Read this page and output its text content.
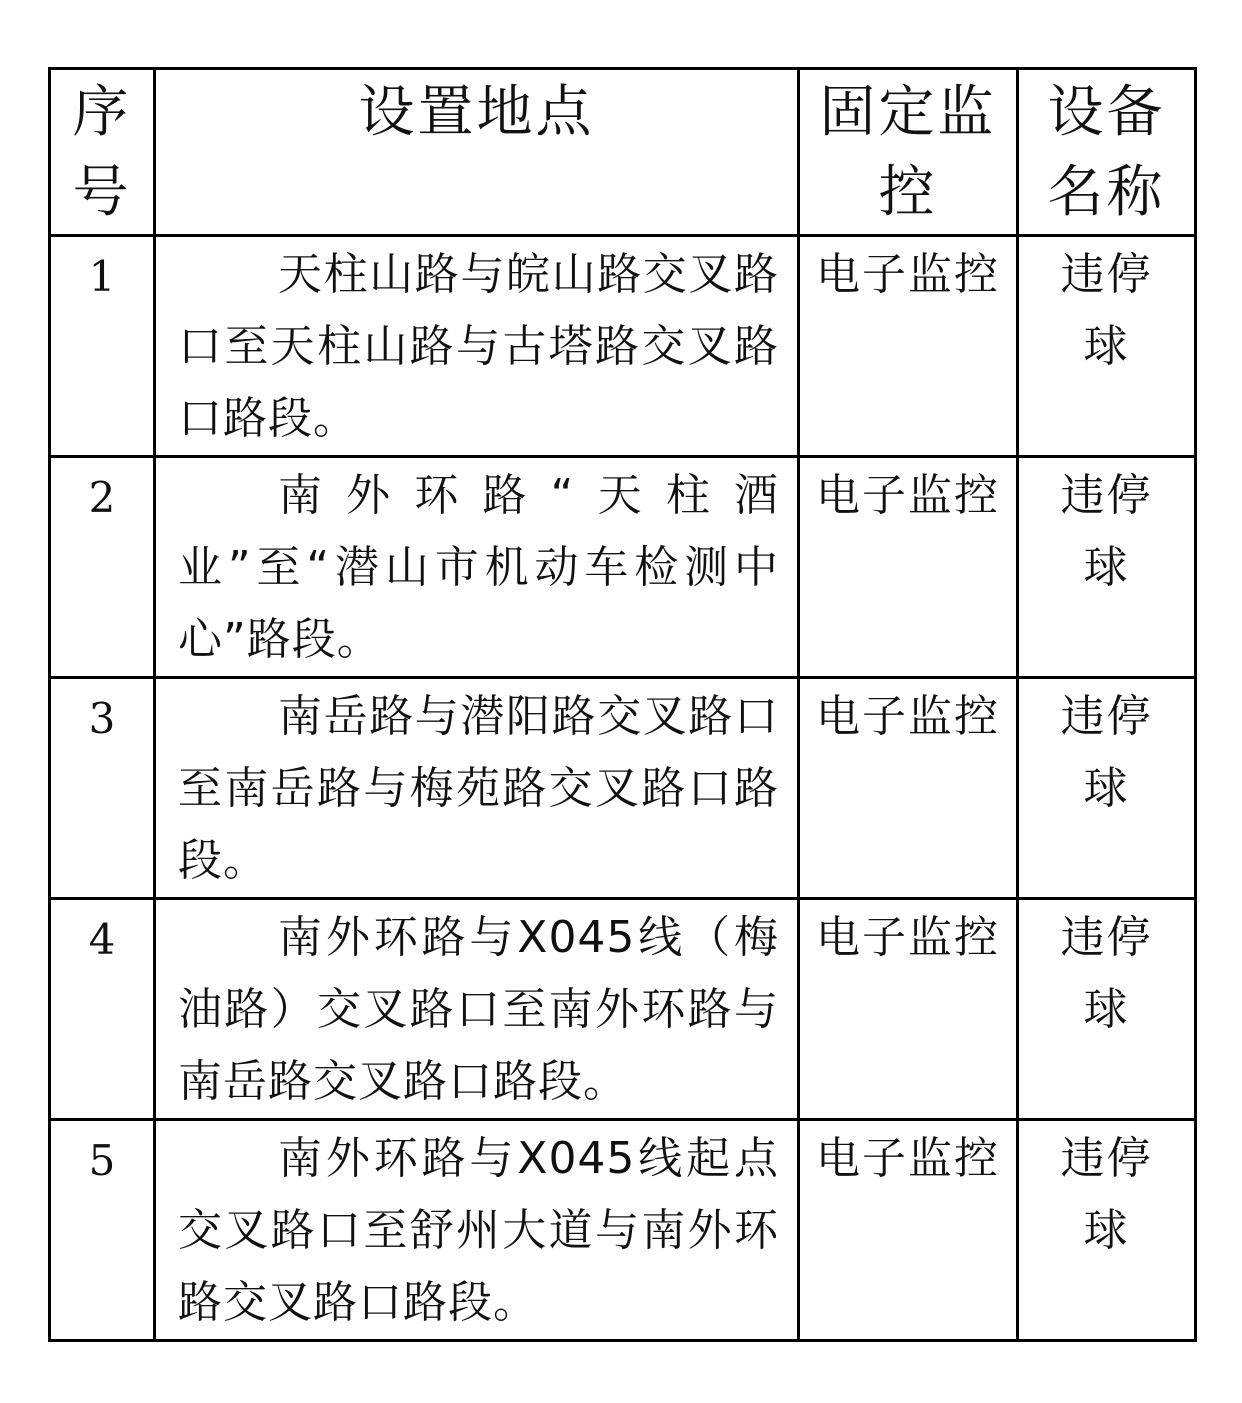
序号	设置地点	固定监控	设备名称

1	天柱山路与皖山路交叉路口至天柱山路与古塔路交叉路口路段。	电子监控	违停球

2	南外环路“天柱酒业”至“潜山市机动车检测中心”路段。	电子监控	违停球

3	南岳路与潜阳路交叉路口至南岳路与梅苑路交叉路口路段。	电子监控	违停球

4	南外环路与X045线（梅油路）交叉路口至南外环路与南岳路交叉路口路段。	电子监控	违停球

5	南外环路与X045线起点交叉路口至舒州大道与南外环路交叉路口路段。	电子监控	违停球
